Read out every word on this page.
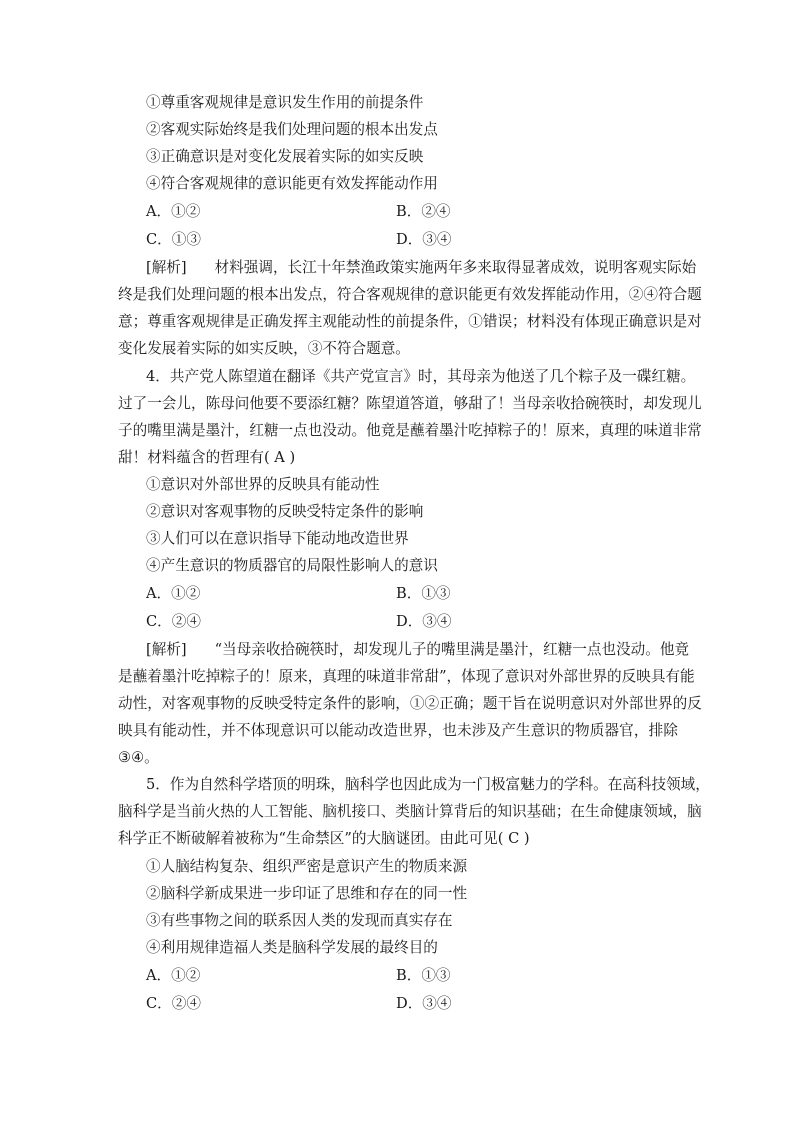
①尊重客观规律是意识发生作用的前提条件
②客观实际始终是我们处理问题的根本出发点
③正确意识是对变化发展着实际的如实反映
④符合客观规律的意识能更有效发挥能动作用
A．①②	B．②④
C．①③	D．③④
[解析] 材料强调，长江十年禁渔政策实施两年多来取得显著成效，说明客观实际始
终是我们处理问题的根本出发点，符合客观规律的意识能更有效发挥能动作用，②④符合题
意；尊重客观规律是正确发挥主观能动性的前提条件，①错误；材料没有体现正确意识是对
变化发展着实际的如实反映，③不符合题意。
4．共产党人陈望道在翻译《共产党宣言》时，其母亲为他送了几个粽子及一碟红糖。
过了一会儿，陈母问他要不要添红糖？陈望道答道，够甜了！当母亲收拾碗筷时，却发现儿
子的嘴里满是墨汁，红糖一点也没动。他竟是蘸着墨汁吃掉粽子的！原来，真理的味道非常
甜！材料蕴含的哲理有( A )
①意识对外部世界的反映具有能动性
②意识对客观事物的反映受特定条件的影响
③人们可以在意识指导下能动地改造世界
④产生意识的物质器官的局限性影响人的意识
A．①②	B．①③
C．②④	D．③④
[解析] “当母亲收拾碗筷时，却发现儿子的嘴里满是墨汁，红糖一点也没动。他竟
是蘸着墨汁吃掉粽子的！原来，真理的味道非常甜”，体现了意识对外部世界的反映具有能
动性，对客观事物的反映受特定条件的影响，①②正确；题干旨在说明意识对外部世界的反
映具有能动性，并不体现意识可以能动改造世界，也未涉及产生意识的物质器官，排除
③④。
5．作为自然科学塔顶的明珠，脑科学也因此成为一门极富魅力的学科。在高科技领域，
脑科学是当前火热的人工智能、脑机接口、类脑计算背后的知识基础；在生命健康领域，脑
科学正不断破解着被称为“生命禁区”的大脑谜团。由此可见( C )
①人脑结构复杂、组织严密是意识产生的物质来源
②脑科学新成果进一步印证了思维和存在的同一性
③有些事物之间的联系因人类的发现而真实存在
④利用规律造福人类是脑科学发展的最终目的
A．①②	B．①③
C．②④	D．③④
